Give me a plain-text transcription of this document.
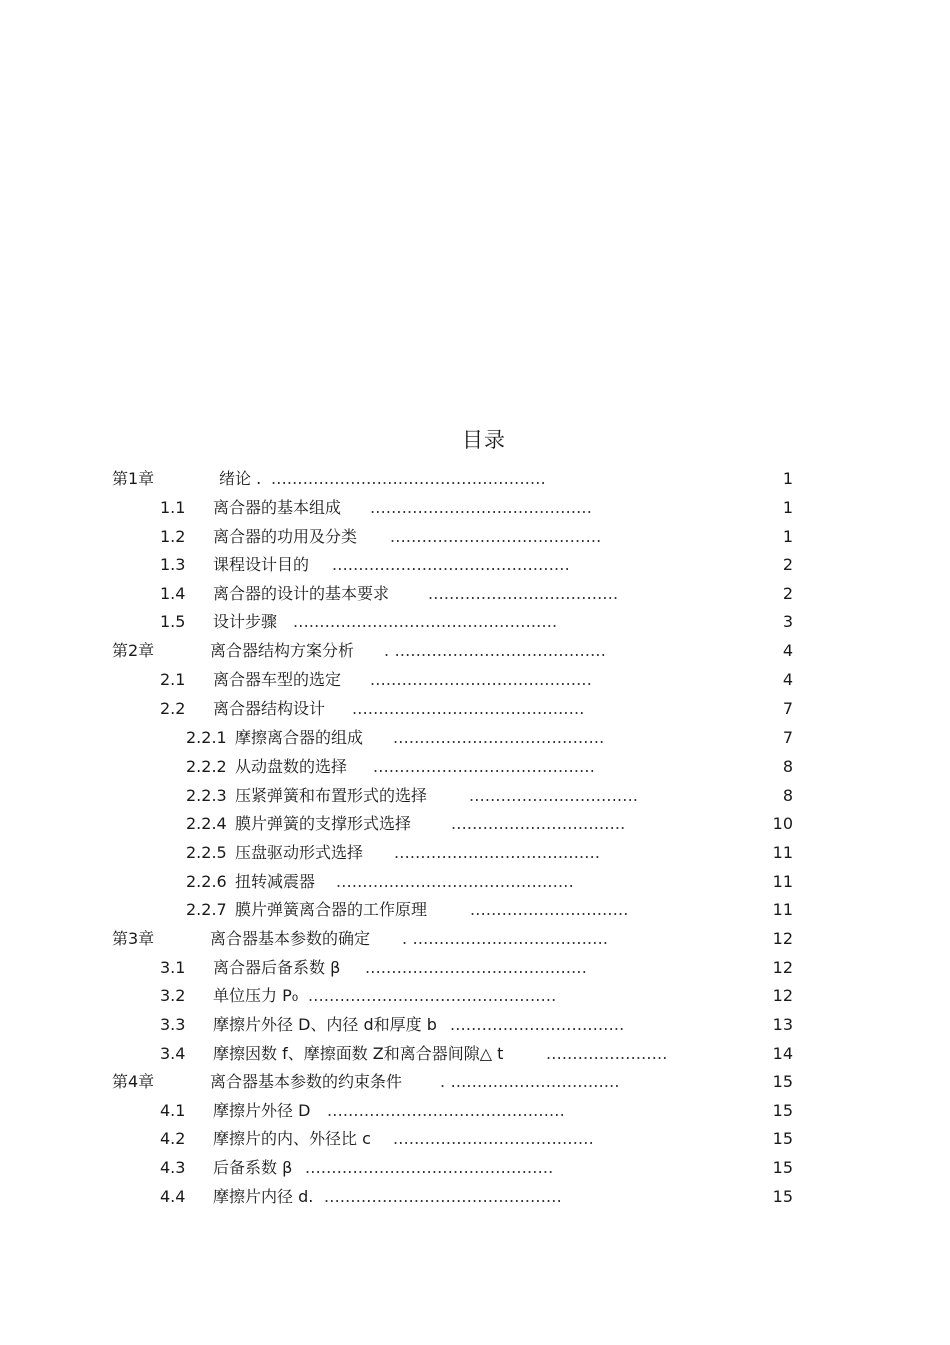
目录
第1章	绪论 . ....................................................	1
1.1 离合器的基本组成 ..........................................	1
1.2 离合器的功用及分类 ........................................	1
1.3 课程设计目的 .............................................	2
1.4 离合器的设计的基本要求 ....................................	2
1.5 设计步骤 ..................................................	3
第2章	离合器结构方案分析 . ........................................	4
2.1 离合器车型的选定 ..........................................	4
2.2 离合器结构设计 ............................................	7
2.2.1 摩擦离合器的组成 ........................................	7
2.2.2 从动盘数的选择 ..........................................	8
2.2.3 压紧弹簧和布置形式的选择	................................	8
2.2.4 膜片弹簧的支撑形式选择 .................................	10
2.2.5 压盘驱动形式选择 .......................................	11
2.2.6 扭转减震器 .............................................	11
2.2.7 膜片弹簧离合器的工作原理	..............................	11
第3章	离合器基本参数的确定 . .....................................	12
3.1 离合器后备系数 β ..........................................	12
3.2 单位压力 P₀ ...............................................	12
3.3 摩擦片外径 D、内径 d和厚度 b .................................	13
3.4 摩擦因数 f、摩擦面数 Z和离合器间隙△ t	.......................	14
第4章	离合器基本参数的约束条件 . ................................	15
4.1 摩擦片外径 D .............................................	15
4.2 摩擦片的内、外径比 c ......................................	15
4.3 后备系数 β ...............................................	15
4.4 摩擦片内径 d. .............................................	15
